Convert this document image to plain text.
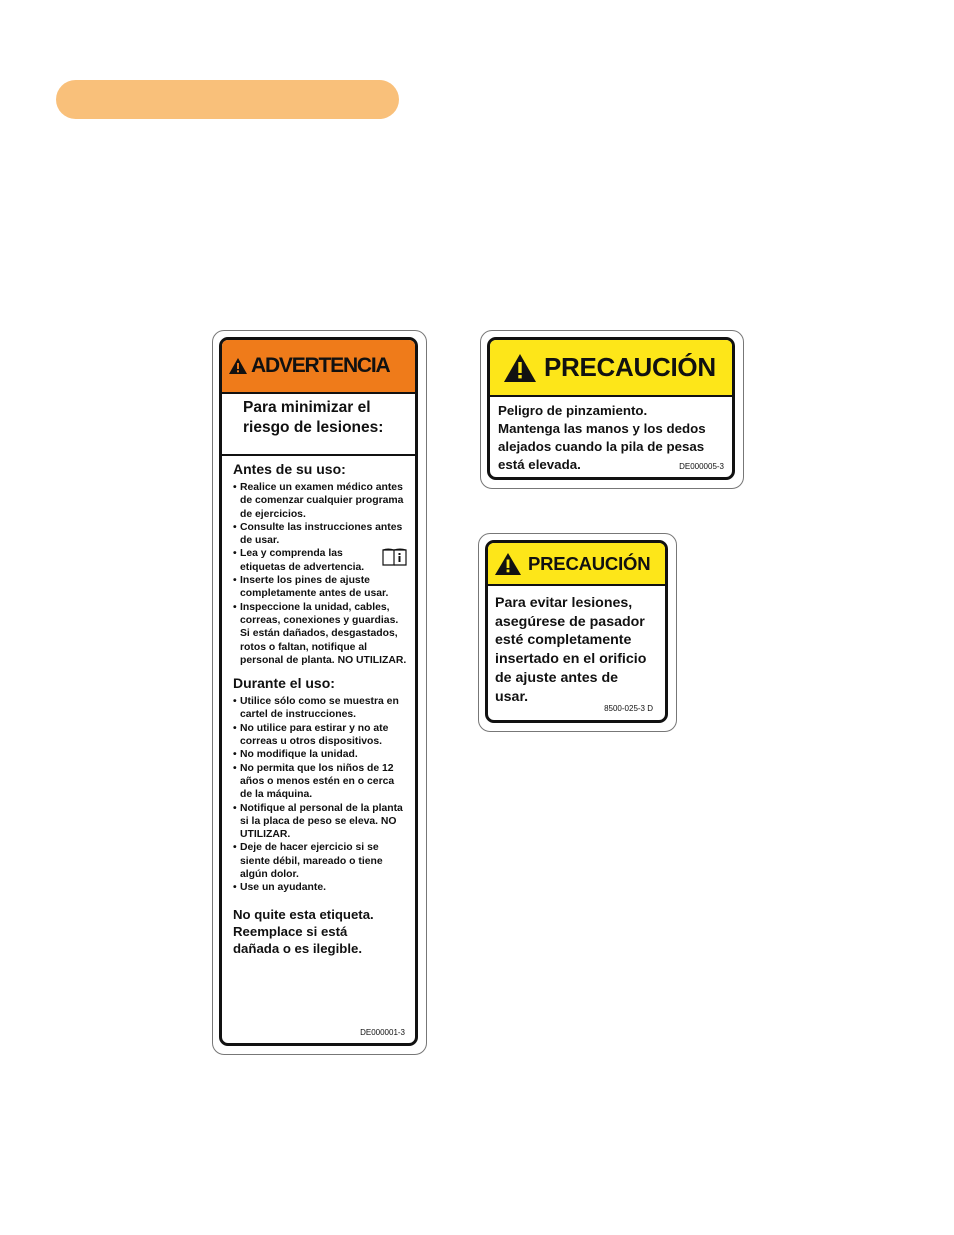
ADVERTENCIA
Para minimizar el
riesgo de lesiones:
Antes de su uso:
• Realice un examen médico antes de comenzar cualquier programa de ejercicios.
• Consulte las instrucciones antes de usar.
• Lea y comprenda las etiquetas de advertencia.
• Inserte los pines de ajuste completamente antes de usar.
• Inspeccione la unidad, cables, correas, conexiones y guardias. Si están dañados, desgastados, rotos o faltan, notifique al personal de planta. NO UTILIZAR.
Durante el uso:
• Utilice sólo como se muestra en cartel de instrucciones.
• No utilice para estirar y no ate correas u otros dispositivos.
• No modifique la unidad.
• No permita que los niños de 12 años o menos estén en o cerca de la máquina.
• Notifique al personal de la planta si la placa de peso se eleva. NO UTILIZAR.
• Deje de hacer ejercicio si se siente débil, mareado o tiene algún dolor.
• Use un ayudante.
No quite esta etiqueta.
Reemplace si está
dañada o es ilegible.
DE000001-3
PRECAUCIÓN
Peligro de pinzamiento.
Mantenga las manos y los dedos
alejados cuando la pila de pesas
está elevada.	DE000005-3
PRECAUCIÓN
Para evitar lesiones,
asegúrese de pasador
esté completamente
insertado en el orificio
de ajuste antes de
usar.
8500-025-3 D
